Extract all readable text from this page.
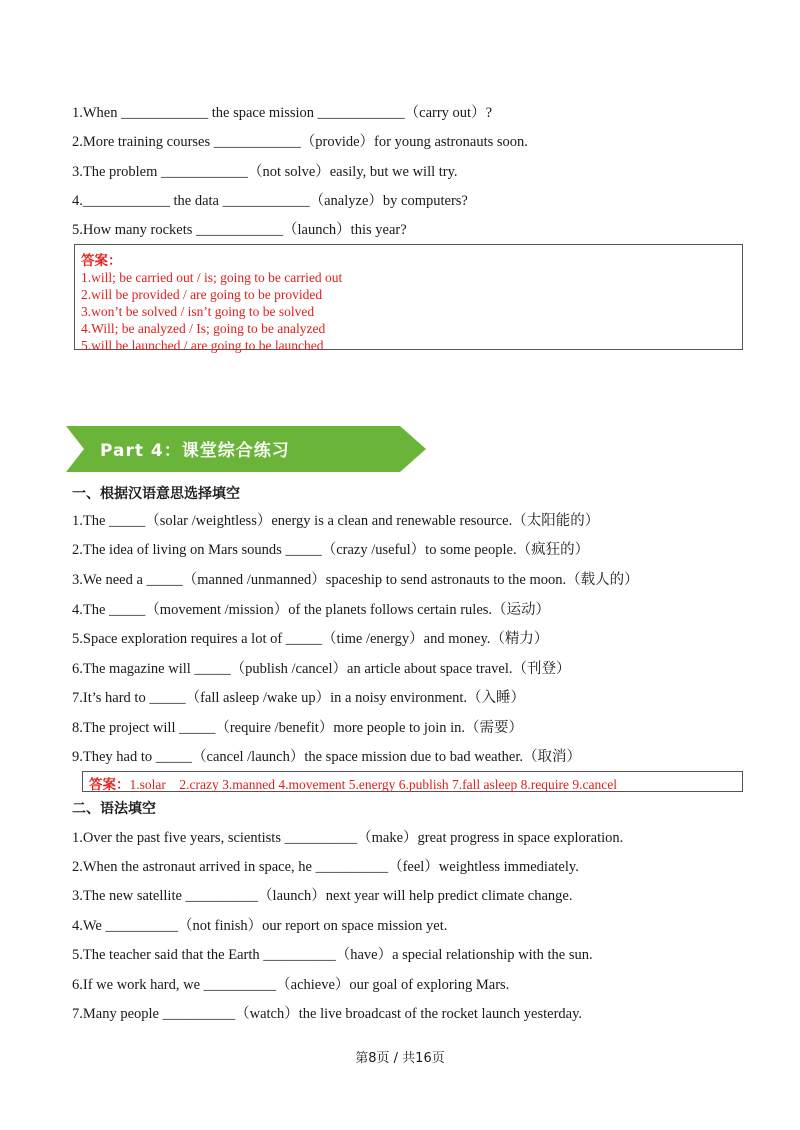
1.When ____________ the space mission ____________（carry out）?
2.More training courses ____________（provide）for young astronauts soon.
3.The problem ____________（not solve）easily, but we will try.
4.____________ the data ____________（analyze）by computers?
5.How many rockets ____________（launch）this year?
答案：
1.will; be carried out / is; going to be carried out
2.will be provided / are going to be provided
3.won’t be solved / isn’t going to be solved
4.Will; be analyzed / Is; going to be analyzed
5.will be launched / are going to be launched
Part 4：课堂综合练习
一、根据汉语意思选择填空
1.The _____（solar /weightless）energy is a clean and renewable resource.（太阳能的）
2.The idea of living on Mars sounds _____（crazy /useful）to some people.（疯狂的）
3.We need a _____（manned /unmanned）spaceship to send astronauts to the moon.（载人的）
4.The _____（movement /mission）of the planets follows certain rules.（运动）
5.Space exploration requires a lot of _____（time /energy）and money.（精力）
6.The magazine will _____（publish /cancel）an article about space travel.（刊登）
7.It’s hard to _____（fall asleep /wake up）in a noisy environment.（入睡）
8.The project will _____（require /benefit）more people to join in.（需要）
9.They had to _____（cancel /launch）the space mission due to bad weather.（取消）
答案：1.solar    2.crazy 3.manned 4.movement 5.energy 6.publish 7.fall asleep 8.require 9.cancel
二、语法填空
1.Over the past five years, scientists __________（make）great progress in space exploration.
2.When the astronaut arrived in space, he __________（feel）weightless immediately.
3.The new satellite __________（launch）next year will help predict climate change.
4.We __________（not finish）our report on space mission yet.
5.The teacher said that the Earth __________（have）a special relationship with the sun.
6.If we work hard, we __________（achieve）our goal of exploring Mars.
7.Many people __________（watch）the live broadcast of the rocket launch yesterday.
第8页 / 共16页
